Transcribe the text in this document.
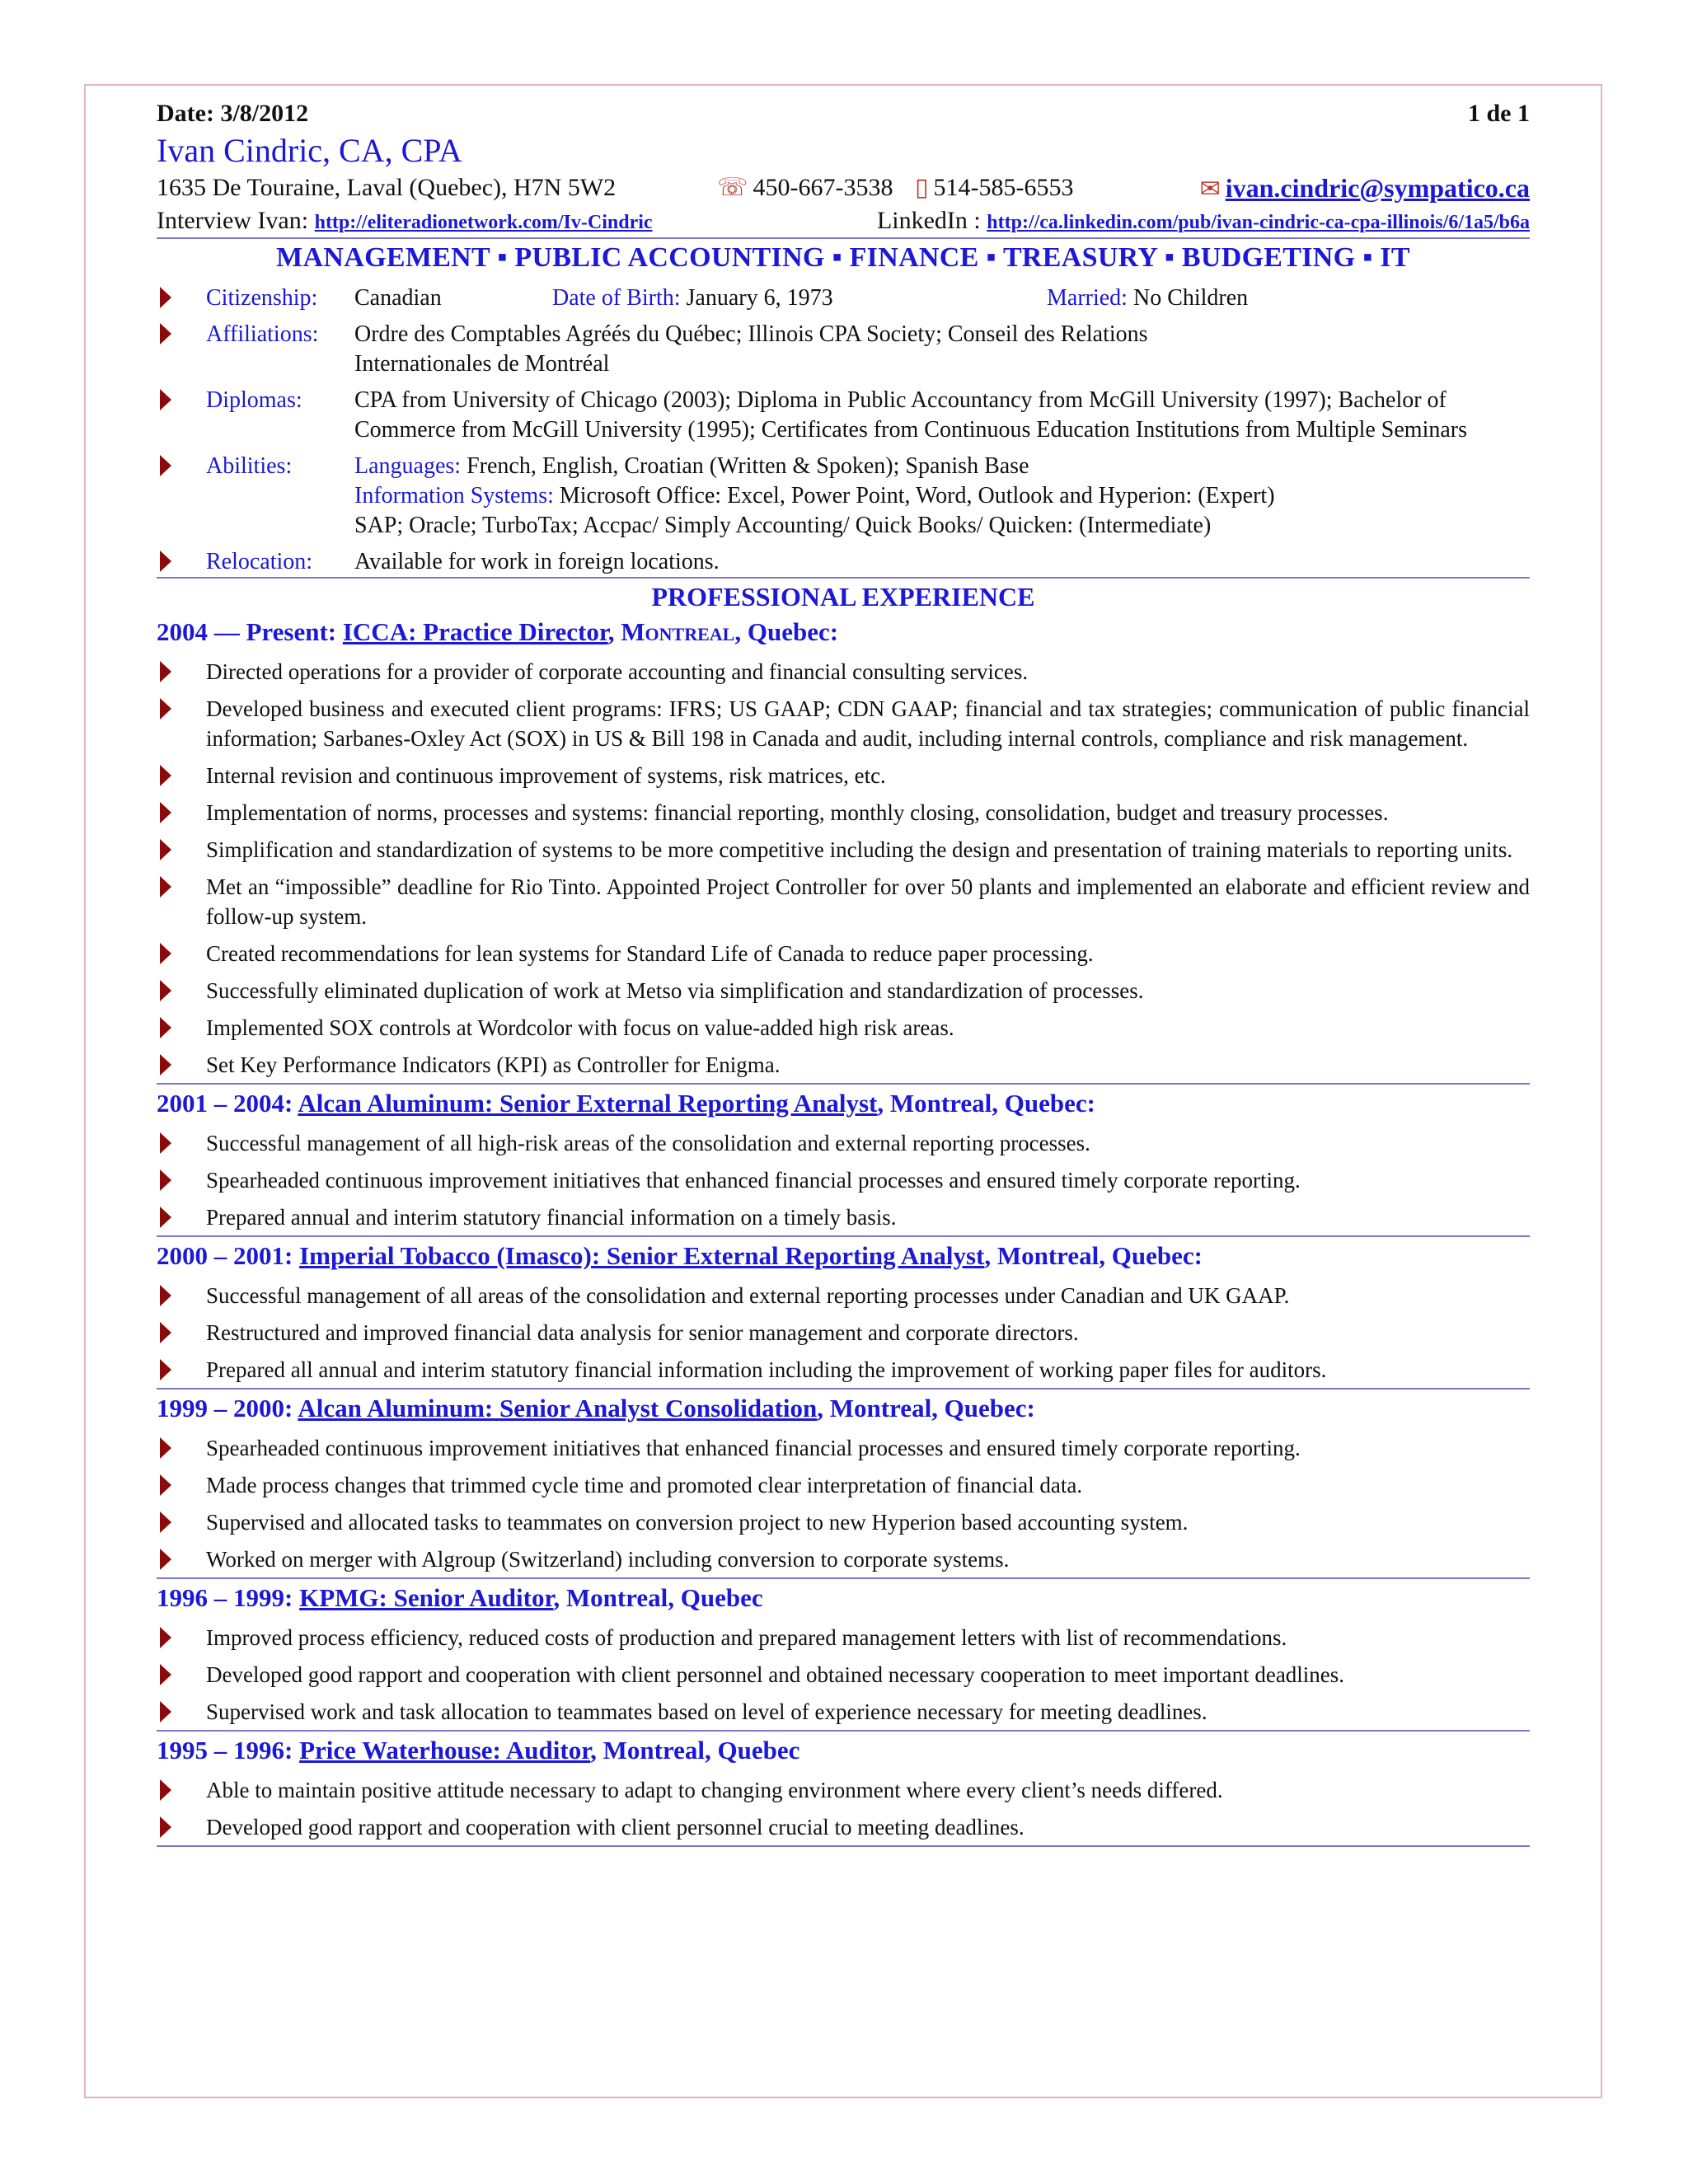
Date: 3/8/2012	1 de 1
Ivan Cindric, CA, CPA
1635 De Touraine, Laval (Quebec), H7N 5W2	☏ 450-667-3538 ▯ 514-585-6553	✉ ivan.cindric@sympatico.ca
Interview Ivan: http://eliteradionetwork.com/Iv-Cindric	LinkedIn : http://ca.linkedin.com/pub/ivan-cindric-ca-cpa-illinois/6/1a5/b6a
MANAGEMENT ▪ PUBLIC ACCOUNTING ▪ FINANCE ▪ TREASURY ▪ BUDGETING ▪ IT
Citizenship:	Canadian	Date of Birth: January 6, 1973	Married: No Children
Affiliations:	Ordre des Comptables Agréés du Québec; Illinois CPA Society; Conseil des Relations Internationales de Montréal
Diplomas:	CPA from University of Chicago (2003); Diploma in Public Accountancy from McGill University (1997); Bachelor of Commerce from McGill University (1995); Certificates from Continuous Education Institutions from Multiple Seminars
Abilities:	Languages: French, English, Croatian (Written & Spoken); Spanish Base
Information Systems: Microsoft Office: Excel, Power Point, Word, Outlook and Hyperion: (Expert)
SAP; Oracle; TurboTax; Accpac/ Simply Accounting/ Quick Books/ Quicken: (Intermediate)
Relocation:	Available for work in foreign locations.
PROFESSIONAL EXPERIENCE
2004 — Present: ICCA: Practice Director, Montreal, Quebec:
Directed operations for a provider of corporate accounting and financial consulting services.
Developed business and executed client programs: IFRS; US GAAP; CDN GAAP; financial and tax strategies; communication of public financial information; Sarbanes-Oxley Act (SOX) in US & Bill 198 in Canada and audit, including internal controls, compliance and risk management.
Internal revision and continuous improvement of systems, risk matrices, etc.
Implementation of norms, processes and systems: financial reporting, monthly closing, consolidation, budget and treasury processes.
Simplification and standardization of systems to be more competitive including the design and presentation of training materials to reporting units.
Met an “impossible” deadline for Rio Tinto. Appointed Project Controller for over 50 plants and implemented an elaborate and efficient review and follow-up system.
Created recommendations for lean systems for Standard Life of Canada to reduce paper processing.
Successfully eliminated duplication of work at Metso via simplification and standardization of processes.
Implemented SOX controls at Wordcolor with focus on value-added high risk areas.
Set Key Performance Indicators (KPI) as Controller for Enigma.
2001 – 2004: Alcan Aluminum: Senior External Reporting Analyst, Montreal, Quebec:
Successful management of all high-risk areas of the consolidation and external reporting processes.
Spearheaded continuous improvement initiatives that enhanced financial processes and ensured timely corporate reporting.
Prepared annual and interim statutory financial information on a timely basis.
2000 – 2001: Imperial Tobacco (Imasco): Senior External Reporting Analyst, Montreal, Quebec:
Successful management of all areas of the consolidation and external reporting processes under Canadian and UK GAAP.
Restructured and improved financial data analysis for senior management and corporate directors.
Prepared all annual and interim statutory financial information including the improvement of working paper files for auditors.
1999 – 2000: Alcan Aluminum: Senior Analyst Consolidation, Montreal, Quebec:
Spearheaded continuous improvement initiatives that enhanced financial processes and ensured timely corporate reporting.
Made process changes that trimmed cycle time and promoted clear interpretation of financial data.
Supervised and allocated tasks to teammates on conversion project to new Hyperion based accounting system.
Worked on merger with Algroup (Switzerland) including conversion to corporate systems.
1996 – 1999: KPMG: Senior Auditor, Montreal, Quebec
Improved process efficiency, reduced costs of production and prepared management letters with list of recommendations.
Developed good rapport and cooperation with client personnel and obtained necessary cooperation to meet important deadlines.
Supervised work and task allocation to teammates based on level of experience necessary for meeting deadlines.
1995 – 1996: Price Waterhouse: Auditor, Montreal, Quebec
Able to maintain positive attitude necessary to adapt to changing environment where every client’s needs differed.
Developed good rapport and cooperation with client personnel crucial to meeting deadlines.
